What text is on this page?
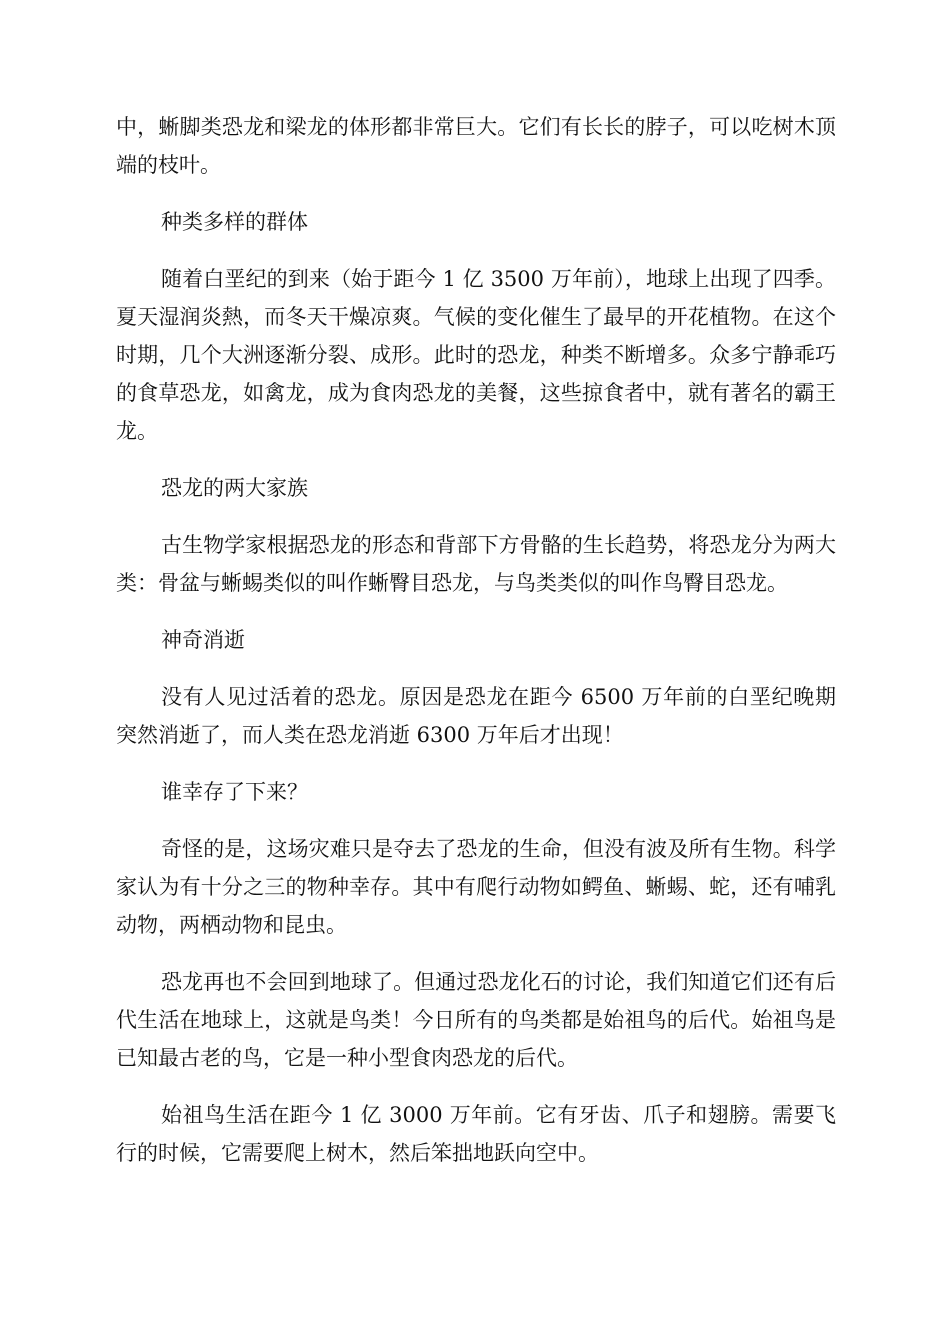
中，蜥脚类恐龙和梁龙的体形都非常巨大。它们有长长的脖子，可以吃树木顶端的枝叶。

种类多样的群体

随着白垩纪的到来（始于距今 1 亿 3500 万年前），地球上出现了四季。夏天湿润炎熱，而冬天干燥凉爽。气候的变化催生了最早的开花植物。在这个时期，几个大洲逐渐分裂、成形。此时的恐龙，种类不断增多。众多宁静乖巧的食草恐龙，如禽龙，成为食肉恐龙的美餐，这些掠食者中，就有著名的霸王龙。

恐龙的两大家族

古生物学家根据恐龙的形态和背部下方骨骼的生长趋势，将恐龙分为两大类：骨盆与蜥蜴类似的叫作蜥臀目恐龙，与鸟类类似的叫作鸟臀目恐龙。

神奇消逝

没有人见过活着的恐龙。原因是恐龙在距今 6500 万年前的白垩纪晚期突然消逝了，而人类在恐龙消逝 6300 万年后才出现！

谁幸存了下来？

奇怪的是，这场灾难只是夺去了恐龙的生命，但没有波及所有生物。科学家认为有十分之三的物种幸存。其中有爬行动物如鳄鱼、蜥蜴、蛇，还有哺乳动物，两栖动物和昆虫。

恐龙再也不会回到地球了。但通过恐龙化石的讨论，我们知道它们还有后代生活在地球上，这就是鸟类！今日所有的鸟类都是始祖鸟的后代。始祖鸟是已知最古老的鸟，它是一种小型食肉恐龙的后代。

始祖鸟生活在距今 1 亿 3000 万年前。它有牙齿、爪子和翅膀。需要飞行的时候，它需要爬上树木，然后笨拙地跃向空中。
